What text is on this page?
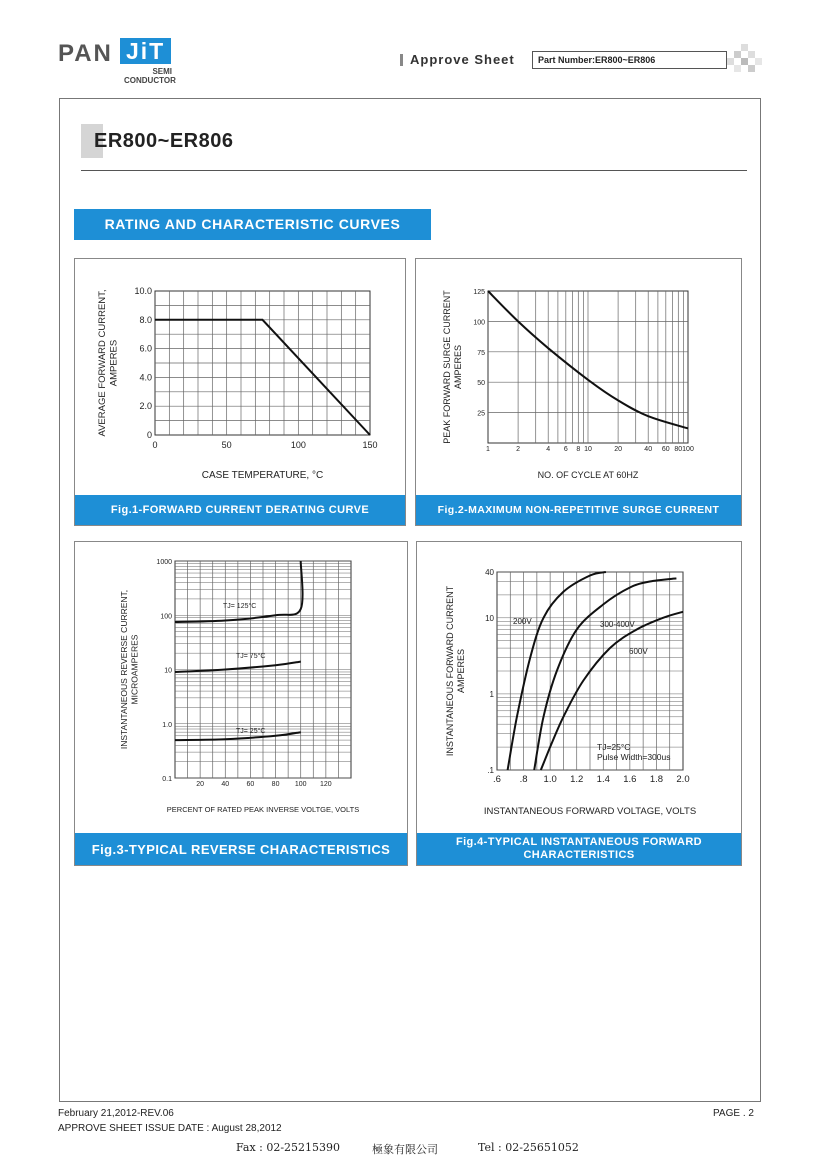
PAN JiT
SEMI
CONDUCTOR
Approve Sheet	Part Number:ER800~ER806
ER800~ER806
RATING AND CHARACTERISTIC CURVES
0	50	100	150
0
2.0
4.0
6.0
8.0
10.0
CASE TEMPERATURE, °C
AVERAGE FORWARD CURRENT, AMPERES
Fig.1-FORWARD CURRENT DERATING CURVE
1	2	4 6 8 10	20	40 60 80 100
25
50
75
100
125
NO. OF CYCLE AT 60HZ
PEAK FORWARD SURGE CURRENT AMPERES
Fig.2-MAXIMUM NON-REPETITIVE SURGE CURRENT
20 40 60 80 100 120
0.1
1.0
10
100
1000
PERCENT OF RATED PEAK INVERSE VOLTGE, VOLTS
INSTANTANEOUS REVERSE CURRENT, MICROAMPERES
TJ= 125°C
TJ= 75°C
TJ= 25°C
Fig.3-TYPICAL REVERSE CHARACTERISTICS
.6 .8 1.0 1.2 1.4 1.6 1.8 2.0
.1
1
10
40
INSTANTANEOUS FORWARD VOLTAGE, VOLTS
INSTANTANEOUS FORWARD CURRENT AMPERES
200V	300-400V
600V
TJ=25°C
Pulse Width=300us
Fig.4-TYPICAL INSTANTANEOUS FORWARD CHARACTERISTICS
February 21,2012-REV.06
APPROVE SHEET ISSUE DATE : August 28,2012
PAGE . 2
Fax : 02-25215390	極象有限公司	Tel : 02-25651052
